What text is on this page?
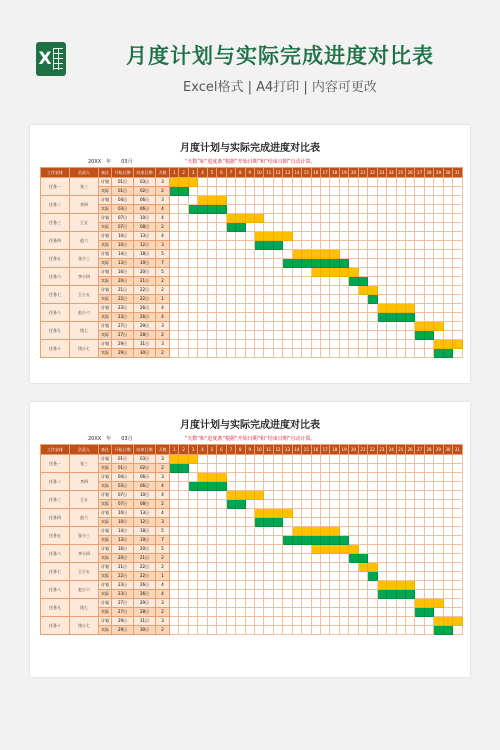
X	月度计划与实际完成进度对比表
Excel格式 | A4打印 | 内容可更改
月度计划与实际完成进度对比表
20XX　年　　03月	“天数”和“进度条”根据“开始日期”和“结束日期”自动计算。
工作安排	负责人	备注	开始日期	结束日期	天数	1	2	3	4	5	6	7	8	9	10	11	12	13	14	15	16	17	18	19	20	21	22	23	24	25	26	27	28	29	30	31
任务一	张三	计划	01日	03日	3																															
		实际	01日	02日	2																															
任务二	李四	计划	04日	06日	3																															
		实际	03日	06日	4																															
任务三	王五	计划	07日	10日	4																															
		实际	07日	08日	2																															
任务四	赵六	计划	10日	13日	4																															
		实际	10日	12日	3																															
任务五	张小三	计划	14日	18日	5																															
		实际	13日	19日	7																															
任务六	李小四	计划	16日	20日	5																															
		实际	20日	21日	2																															
任务七	王小五	计划	21日	22日	2																															
		实际	22日	22日	1																															
任务八	赵小六	计划	23日	26日	4																															
		实际	23日	26日	4																															
任务九	钱七	计划	27日	29日	3																															
		实际	27日	28日	2																															
任务十	钱小七	计划	29日	31日	3																															
		实际	29日	30日	2																															
月度计划与实际完成进度对比表
20XX　年　　03月	“天数”和“进度条”根据“开始日期”和“结束日期”自动计算。
工作安排	负责人	备注	开始日期	结束日期	天数	1	2	3	4	5	6	7	8	9	10	11	12	13	14	15	16	17	18	19	20	21	22	23	24	25	26	27	28	29	30	31
任务一	张三	计划	01日	03日	3																															
		实际	01日	02日	2																															
任务二	李四	计划	04日	06日	3																															
		实际	03日	06日	4																															
任务三	王五	计划	07日	10日	4																															
		实际	07日	08日	2																															
任务四	赵六	计划	10日	13日	4																															
		实际	10日	12日	3																															
任务五	张小三	计划	14日	18日	5																															
		实际	13日	19日	7																															
任务六	李小四	计划	16日	20日	5																															
		实际	20日	21日	2																															
任务七	王小五	计划	21日	22日	2																															
		实际	22日	22日	1																															
任务八	赵小六	计划	23日	26日	4																															
		实际	23日	26日	4																															
任务九	钱七	计划	27日	29日	3																															
		实际	27日	28日	2																															
任务十	钱小七	计划	29日	31日	3																															
		实际	29日	30日	2																															
